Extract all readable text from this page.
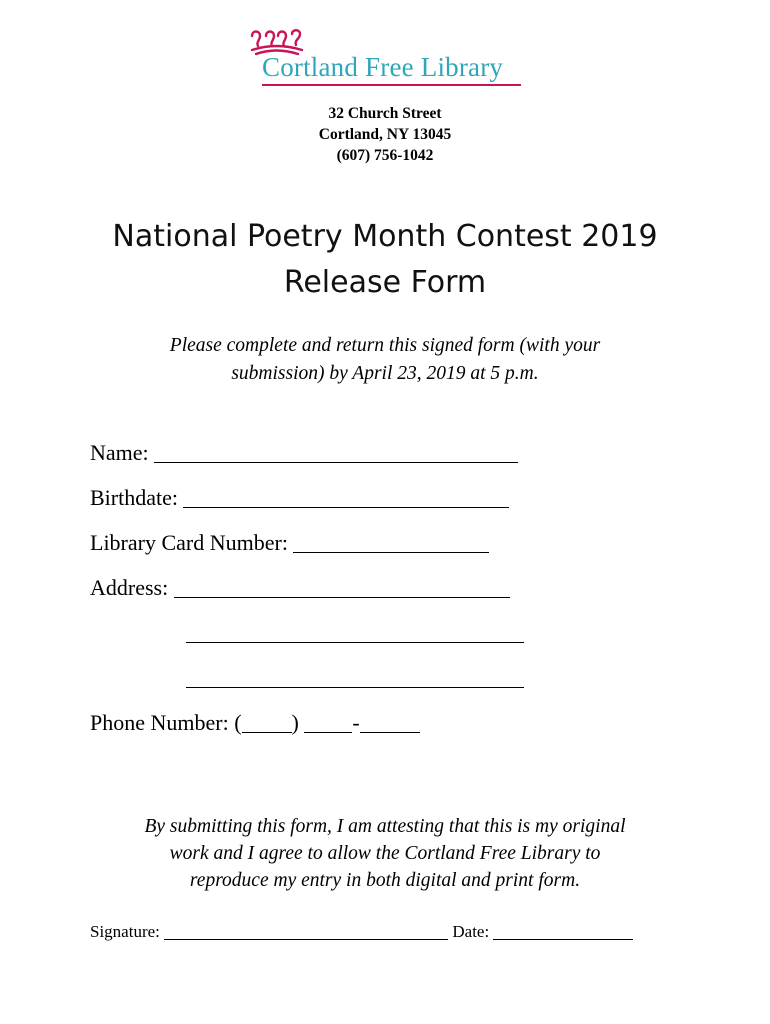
Cortland Free Library
32 Church Street
Cortland, NY 13045
(607) 756-1042
National Poetry Month Contest 2019
Release Form
Please complete and return this signed form (with your
submission) by April 23, 2019 at 5 p.m.
Name:
Birthdate:
Library Card Number:
Address:
Phone Number: ( ) -
By submitting this form, I am attesting that this is my original
work and I agree to allow the Cortland Free Library to
reproduce my entry in both digital and print form.
Signature:	Date:
